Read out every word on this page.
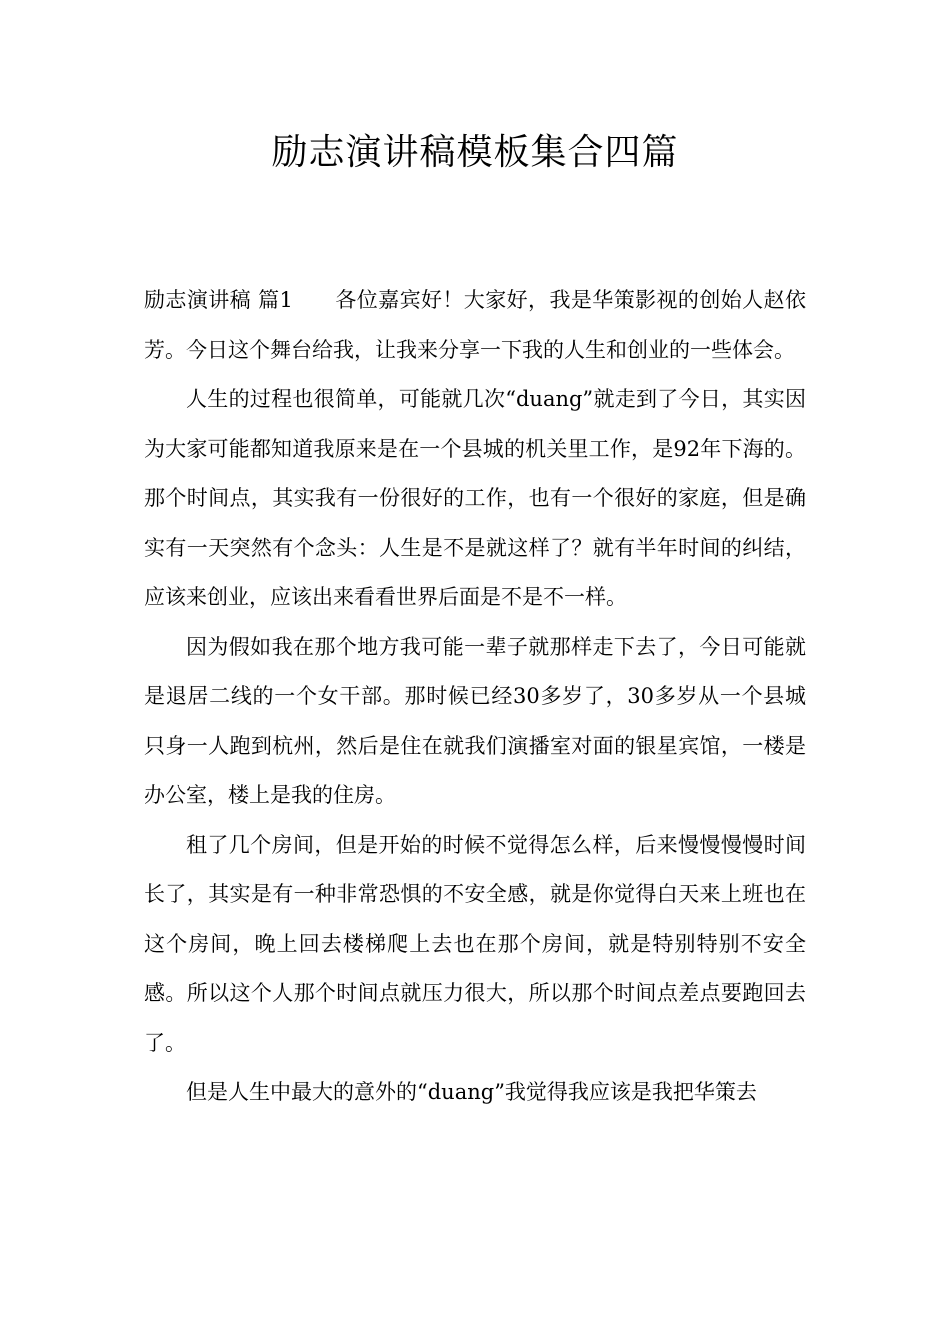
励志演讲稿模板集合四篇

励志演讲稿 篇1 各位嘉宾好！大家好，我是华策影视的创始人赵依芳。今日这个舞台给我，让我来分享一下我的人生和创业的一些体会。

人生的过程也很简单，可能就几次“duang”就走到了今日，其实因为大家可能都知道我原来是在一个县城的机关里工作，是92年下海的。那个时间点，其实我有一份很好的工作，也有一个很好的家庭，但是确实有一天突然有个念头：人生是不是就这样了？就有半年时间的纠结，应该来创业，应该出来看看世界后面是不是不一样。

因为假如我在那个地方我可能一辈子就那样走下去了，今日可能就是退居二线的一个女干部。那时候已经30多岁了，30多岁从一个县城只身一人跑到杭州，然后是住在就我们演播室对面的银星宾馆，一楼是办公室，楼上是我的住房。

租了几个房间，但是开始的时候不觉得怎么样，后来慢慢慢慢时间长了，其实是有一种非常恐惧的不安全感，就是你觉得白天来上班也在这个房间，晚上回去楼梯爬上去也在那个房间，就是特别特别不安全感。所以这个人那个时间点就压力很大，所以那个时间点差点要跑回去了。

但是人生中最大的意外的“duang”我觉得我应该是我把华策去
